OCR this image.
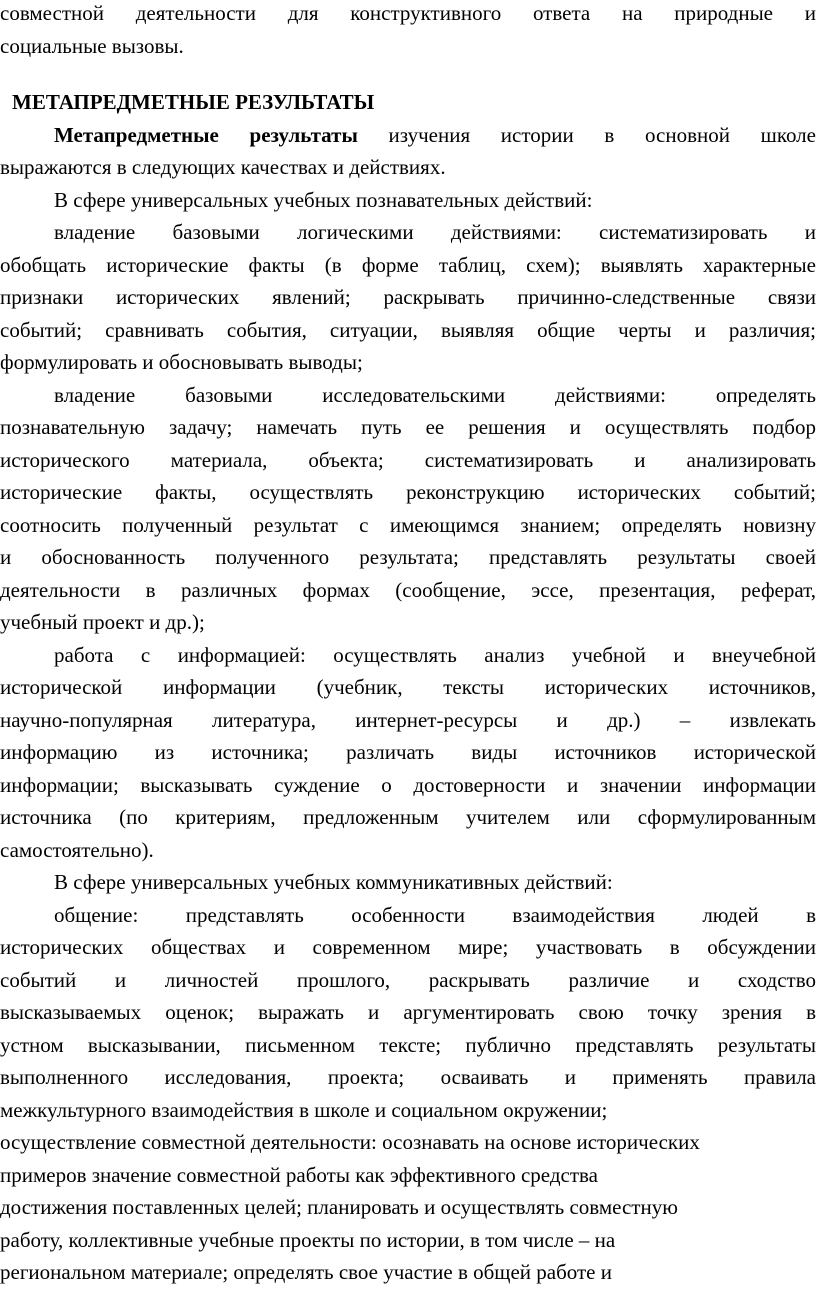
совместной деятельности для конструктивного ответа на природные и

социальные вызовы.

МЕТАПРЕДМЕТНЫЕ РЕЗУЛЬТАТЫ

Метапредметные результаты изучения истории в основной школе

выражаются в следующих качествах и действиях.

В сфере универсальных учебных познавательных действий:

владение базовыми логическими действиями: систематизировать и

обобщать исторические факты (в форме таблиц, схем); выявлять характерные

признаки исторических явлений; раскрывать причинно-следственные связи

событий; сравнивать события, ситуации, выявляя общие черты и различия;

формулировать и обосновывать выводы;

владение базовыми исследовательскими действиями: определять

познавательную задачу; намечать путь ее решения и осуществлять подбор

исторического материала, объекта; систематизировать и анализировать

исторические факты, осуществлять реконструкцию исторических событий;

соотносить полученный результат с имеющимся знанием; определять новизну

и обоснованность полученного результата; представлять результаты своей

деятельности в различных формах (сообщение, эссе, презентация, реферат,

учебный проект и др.);

работа с информацией: осуществлять анализ учебной и внеучебной

исторической информации (учебник, тексты исторических источников,

научно-популярная литература, интернет-ресурсы и др.) – извлекать

информацию из источника; различать виды источников исторической

информации; высказывать суждение о достоверности и значении информации

источника (по критериям, предложенным учителем или сформулированным

самостоятельно).

В сфере универсальных учебных коммуникативных действий:

общение: представлять особенности взаимодействия людей в

исторических обществах и современном мире; участвовать в обсуждении

событий и личностей прошлого, раскрывать различие и сходство

высказываемых оценок; выражать и аргументировать свою точку зрения в

устном высказывании, письменном тексте; публично представлять результаты

выполненного исследования, проекта; осваивать и применять правила

межкультурного взаимодействия в школе и социальном окружении;

осуществление совместной деятельности: осознавать на основе исторических

примеров значение совместной работы как эффективного средства

достижения поставленных целей; планировать и осуществлять совместную

работу, коллективные учебные проекты по истории, в том числе – на

региональном материале; определять свое участие в общей работе и
